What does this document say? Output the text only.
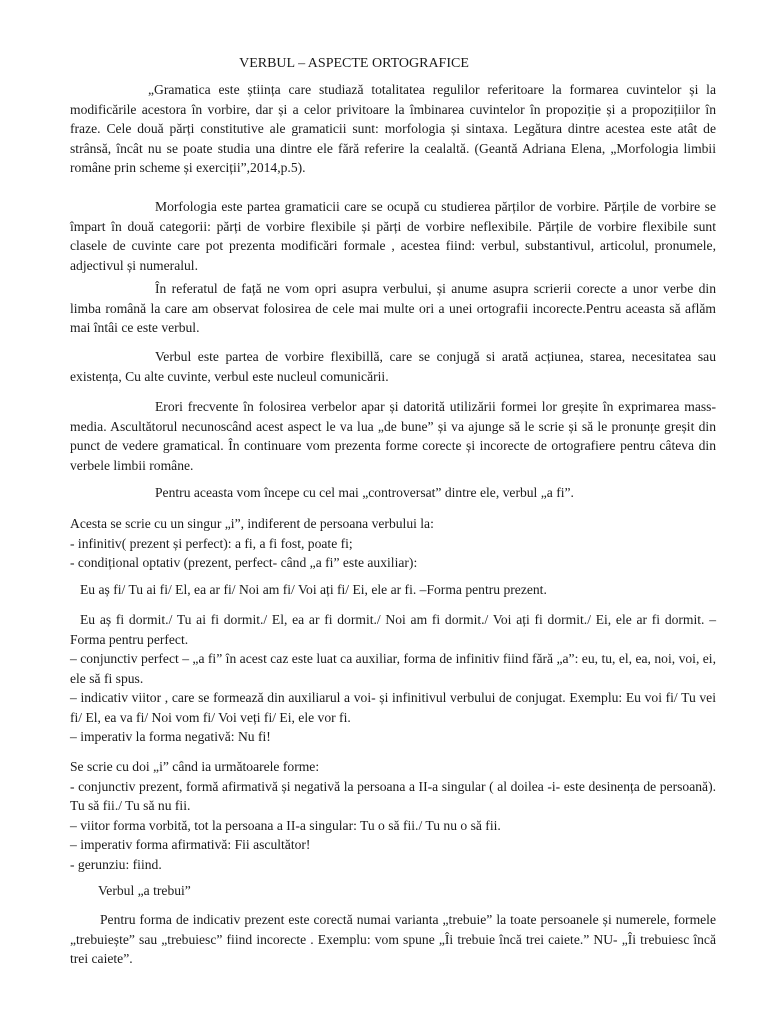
VERBUL – ASPECTE ORTOGRAFICE

„Gramatica este știința care studiază totalitatea regulilor referitoare la formarea cuvintelor și la modificările acestora în vorbire, dar și a celor privitoare la îmbinarea cuvintelor în propoziție și a propozițiilor în fraze. Cele două părți constitutive ale gramaticii sunt: morfologia și sintaxa. Legătura dintre acestea este atât de strânsă, încât nu se poate studia una dintre ele fără referire la cealaltă. (Geantă Adriana Elena, „Morfologia limbii române prin scheme și exerciții”,2014,p.5).

Morfologia este partea gramaticii care se ocupă cu studierea părților de vorbire. Părțile de vorbire se împart în două categorii: părți de vorbire flexibile și părți de vorbire neflexibile. Părțile de vorbire flexibile sunt clasele de cuvinte care pot prezenta modificări formale , acestea fiind: verbul, substantivul, articolul, pronumele, adjectivul și numeralul.

În referatul de față ne vom opri asupra verbului, și anume asupra scrierii corecte a unor verbe din limba română la care am observat folosirea de cele mai multe ori a unei ortografii incorecte.Pentru aceasta să aflăm mai întâi ce este verbul.

Verbul este partea de vorbire flexibillă, care se conjugă si arată acțiunea, starea, necesitatea sau existența, Cu alte cuvinte, verbul este nucleul comunicării.

Erori frecvente în folosirea verbelor apar și datorită utilizării formei lor greșite în exprimarea mass-media. Ascultătorul necunoscând acest aspect le va lua „de bune” și va ajunge să le scrie și să le pronunțe greșit din punct de vedere gramatical. În continuare vom prezenta forme corecte și incorecte de ortografiere pentru câteva din verbele limbii române.

Pentru aceasta vom începe cu cel mai „controversat” dintre ele, verbul „a fi”.

Acesta se scrie cu un singur „i”, indiferent de persoana verbului la:
- infinitiv( prezent și perfect): a fi, a fi fost, poate fi;
- condițional optativ (prezent, perfect- când „a fi” este auxiliar):

Eu aș fi/ Tu ai fi/ El, ea ar fi/ Noi am fi/ Voi ați fi/ Ei, ele ar fi. –Forma pentru prezent.

Eu aș fi dormit./ Tu ai fi dormit./ El, ea ar fi dormit./ Noi am fi dormit./ Voi ați fi dormit./ Ei, ele ar fi dormit. – Forma pentru perfect.

– conjunctiv perfect – „a fi” în acest caz este luat ca auxiliar, forma de infinitiv fiind fără „a”: eu, tu, el, ea, noi, voi, ei, ele să fi spus.

– indicativ viitor , care se formează din auxiliarul a voi- și infinitivul verbului de conjugat. Exemplu: Eu voi fi/ Tu vei fi/ El, ea va fi/ Noi vom fi/ Voi veți fi/ Ei, ele vor fi.

– imperativ la forma negativă: Nu fi!

Se scrie cu doi „i” când ia următoarele forme:
- conjunctiv prezent, formă afirmativă și negativă la persoana a II-a singular ( al doilea -i- este desinența de persoană). Tu să fii./ Tu să nu fii.
– viitor forma vorbită, tot la persoana a II-a singular: Tu o să fii./ Tu nu o să fii.
– imperativ forma afirmativă: Fii ascultător!
- gerunziu: fiind.

Verbul „a trebui”

Pentru forma de indicativ prezent este corectă numai varianta „trebuie” la toate persoanele și numerele, formele „trebuiește” sau „trebuiesc” fiind incorecte . Exemplu: vom spune „Îi trebuie încă trei caiete.” NU- „Îi trebuiesc încă trei caiete”.
